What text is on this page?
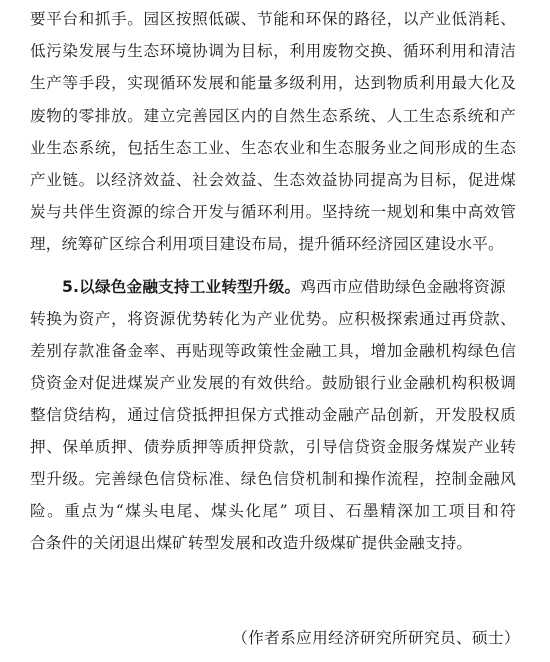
要平台和抓手。园区按照低碳、节能和环保的路径，以产业低消耗、
低污染发展与生态环境协调为目标，利用废物交换、循环利用和清洁
生产等手段，实现循环发展和能量多级利用，达到物质利用最大化及
废物的零排放。建立完善园区内的自然生态系统、人工生态系统和产
业生态系统，包括生态工业、生态农业和生态服务业之间形成的生态
产业链。以经济效益、社会效益、生态效益协同提高为目标，促进煤
炭与共伴生资源的综合开发与循环利用。坚持统一规划和集中高效管
理，统筹矿区综合利用项目建设布局，提升循环经济园区建设水平。
5.以绿色金融支持工业转型升级。鸡西市应借助绿色金融将资源
转换为资产，将资源优势转化为产业优势。应积极探索通过再贷款、
差别存款准备金率、再贴现等政策性金融工具，增加金融机构绿色信
贷资金对促进煤炭产业发展的有效供给。鼓励银行业金融机构积极调
整信贷结构，通过信贷抵押担保方式推动金融产品创新，开发股权质
押、保单质押、债券质押等质押贷款，引导信贷资金服务煤炭产业转
型升级。完善绿色信贷标准、绿色信贷机制和操作流程，控制金融风
险。重点为“煤头电尾、煤头化尾” 项目、石墨精深加工项目和符
合条件的关闭退出煤矿转型发展和改造升级煤矿提供金融支持。
（作者系应用经济研究所研究员、硕士）
